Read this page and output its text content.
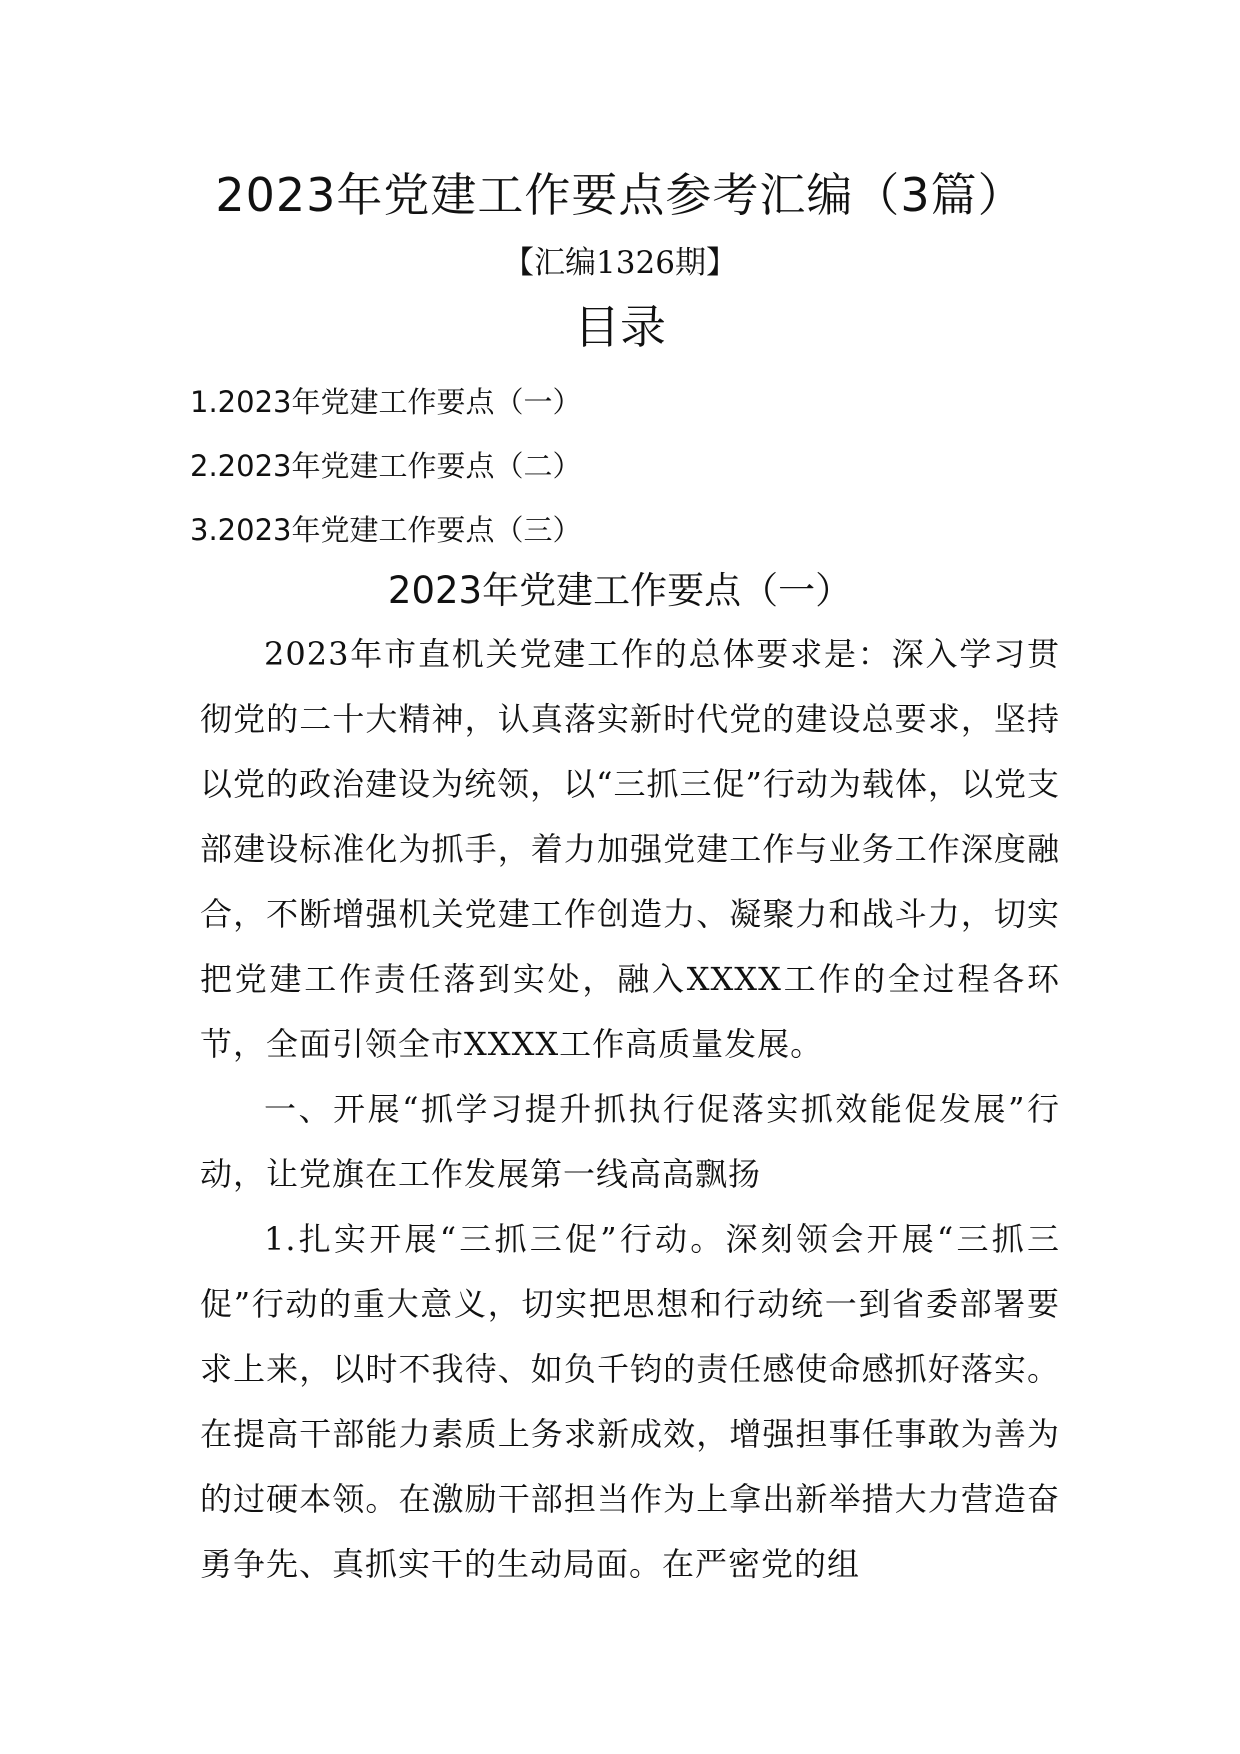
2023年党建工作要点参考汇编（3篇）
【汇编1326期】
目录
1.2023年党建工作要点（一）
2.2023年党建工作要点（二）
3.2023年党建工作要点（三）
2023年党建工作要点（一）

2023年市直机关党建工作的总体要求是：深入学习贯彻党的二十大精神，认真落实新时代党的建设总要求，坚持以党的政治建设为统领，以“三抓三促”行动为载体，以党支部建设标准化为抓手，着力加强党建工作与业务工作深度融合，不断增强机关党建工作创造力、凝聚力和战斗力，切实把党建工作责任落到实处，融入XXXX工作的全过程各环节，全面引领全市XXXX工作高质量发展。

一、开展“抓学习提升抓执行促落实抓效能促发展”行动，让党旗在工作发展第一线高高飘扬

1.扎实开展“三抓三促”行动。深刻领会开展“三抓三促”行动的重大意义，切实把思想和行动统一到省委部署要求上来，以时不我待、如负千钧的责任感使命感抓好落实。在提高干部能力素质上务求新成效，增强担事任事敢为善为的过硬本领。在激励干部担当作为上拿出新举措大力营造奋勇争先、真抓实干的生动局面。在严密党的组
